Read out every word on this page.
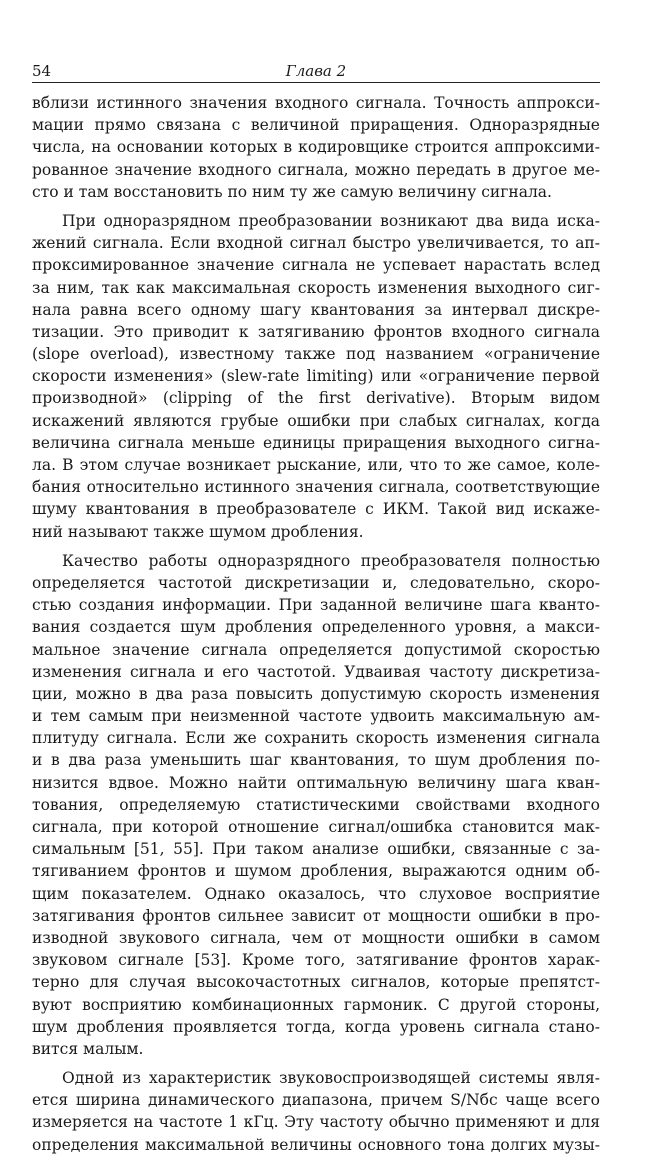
54	Глава 2
вблизи истинного значения входного сигнала. Точность аппрокси-
мации прямо связана с величиной приращения. Одноразрядные
числа, на основании которых в кодировщике строится аппроксими-
рованное значение входного сигнала, можно передать в другое ме-
сто и там восстановить по ним ту же самую величину сигнала.
При одноразрядном преобразовании возникают два вида иска-
жений сигнала. Если входной сигнал быстро увеличивается, то ап-
проксимированное значение сигнала не успевает нарастать вслед
за ним, так как максимальная скорость изменения выходного сиг-
нала равна всего одному шагу квантования за интервал дискре-
тизации. Это приводит к затягиванию фронтов входного сигнала
(slope overload), известному также под названием «ограничение
скорости изменения» (slew-rate limiting) или «ограничение первой
производной» (clipping of the first derivative). Вторым видом
искажений являются грубые ошибки при слабых сигналах, когда
величина сигнала меньше единицы приращения выходного сигна-
ла. В этом случае возникает рыскание, или, что то же самое, коле-
бания относительно истинного значения сигнала, соответствующие
шуму квантования в преобразователе с ИКМ. Такой вид искаже-
ний называют также шумом дробления.
Качество работы одноразрядного преобразователя полностью
определяется частотой дискретизации и, следовательно, скоро-
стью создания информации. При заданной величине шага кванто-
вания создается шум дробления определенного уровня, а макси-
мальное значение сигнала определяется допустимой скоростью
изменения сигнала и его частотой. Удваивая частоту дискретиза-
ции, можно в два раза повысить допустимую скорость изменения
и тем самым при неизменной частоте удвоить максимальную ам-
плитуду сигнала. Если же сохранить скорость изменения сигнала
и в два раза уменьшить шаг квантования, то шум дробления по-
низится вдвое. Можно найти оптимальную величину шага кван-
тования, определяемую статистическими свойствами входного
сигнала, при которой отношение сигнал/ошибка становится мак-
симальным [51, 55]. При таком анализе ошибки, связанные с за-
тягиванием фронтов и шумом дробления, выражаются одним об-
щим показателем. Однако оказалось, что слуховое восприятие
затягивания фронтов сильнее зависит от мощности ошибки в про-
изводной звукового сигнала, чем от мощности ошибки в самом
звуковом сигнале [53]. Кроме того, затягивание фронтов харак-
терно для случая высокочастотных сигналов, которые препятст-
вуют восприятию комбинационных гармоник. С другой стороны,
шум дробления проявляется тогда, когда уровень сигнала стано-
вится малым.
Одной из характеристик звуковоспроизводящей системы явля-
ется ширина динамического диапазона, причем S/Nбс чаще всего
измеряется на частоте 1 кГц. Эту частоту обычно применяют и для
определения максимальной величины основного тона долгих музы-
